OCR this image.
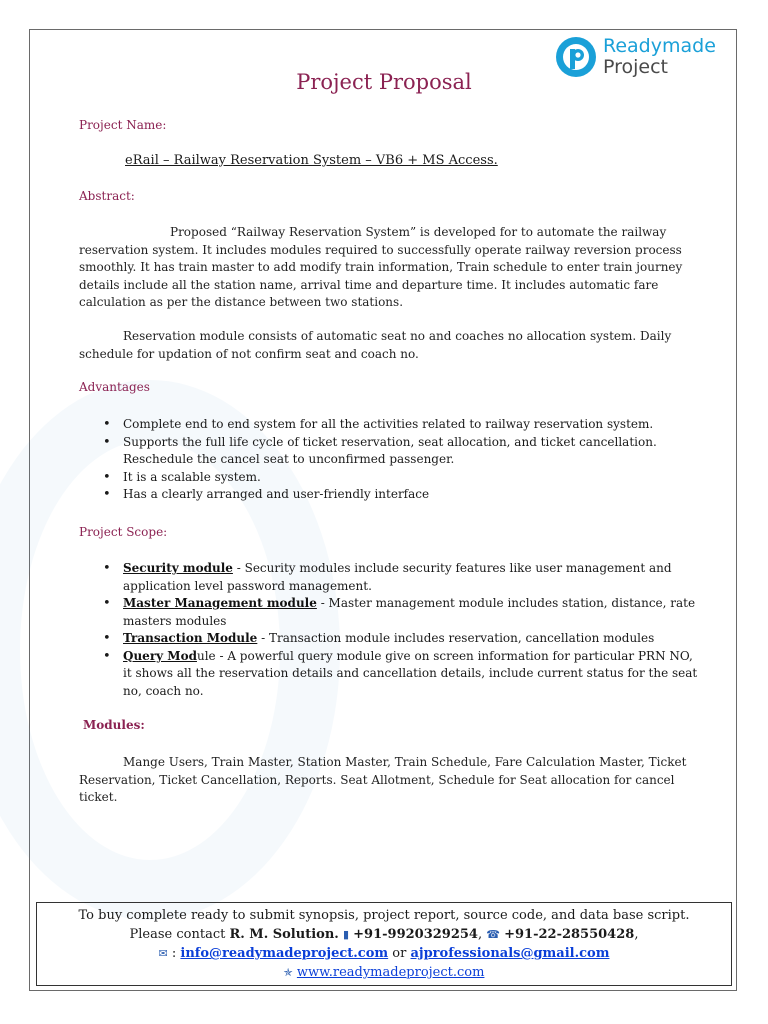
Readymade
Project
Project Proposal
Project Name:
eRail – Railway Reservation System – VB6 + MS Access.
Abstract:
Proposed “Railway Reservation System” is developed for to automate the railway
reservation system. It includes modules required to successfully operate railway reversion process
smoothly. It has train master to add modify train information, Train schedule to enter train journey
details include all the station name, arrival time and departure time. It includes automatic fare
calculation as per the distance between two stations.
Reservation module consists of automatic seat no and coaches no allocation system. Daily
schedule for updation of not confirm seat and coach no.
Advantages
• Complete end to end system for all the activities related to railway reservation system.
• Supports the full life cycle of ticket reservation, seat allocation, and ticket cancellation. Reschedule the cancel seat to unconfirmed passenger.
• It is a scalable system.
• Has a clearly arranged and user-friendly interface
Project Scope:
• Security module - Security modules include security features like user management and application level password management.
• Master Management module - Master management module includes station, distance, rate masters modules
• Transaction Module - Transaction module includes reservation, cancellation modules
• Query Module - A powerful query module give on screen information for particular PRN NO, it shows all the reservation details and cancellation details, include current status for the seat no, coach no.
Modules:
Mange Users, Train Master, Station Master, Train Schedule, Fare Calculation Master, Ticket
Reservation, Ticket Cancellation, Reports. Seat Allotment, Schedule for Seat allocation for cancel
ticket.
To buy complete ready to submit synopsis, project report, source code, and data base script.
Please contact R. M. Solution. ▮ +91-9920329254, ☎ +91-22-28550428,
✉ : info@readymadeproject.com or ajprofessionals@gmail.com
✯ www.readymadeproject.com
